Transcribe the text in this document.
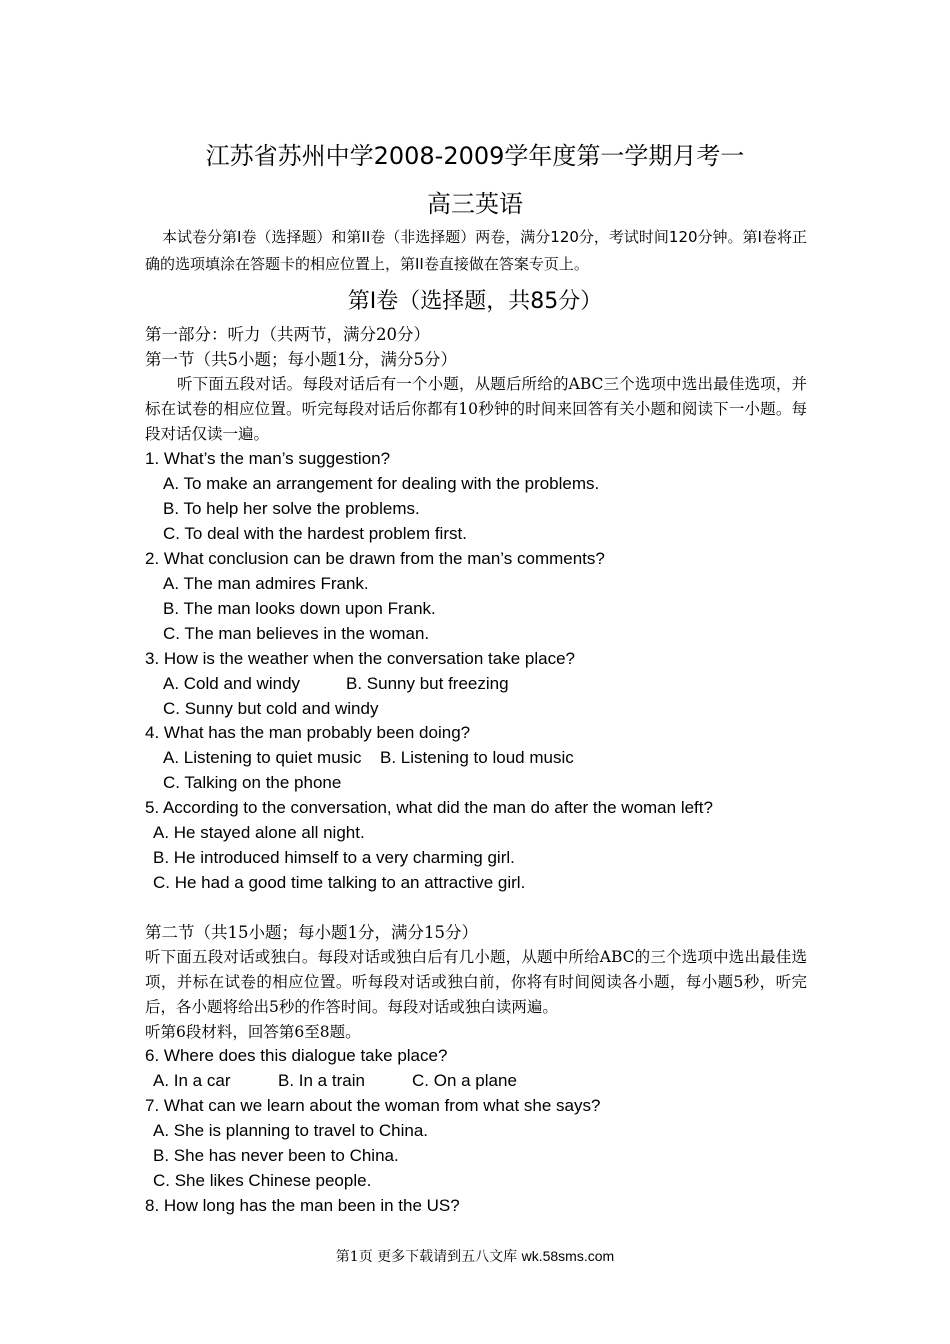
江苏省苏州中学2008-2009学年度第一学期月考一
高三英语
本试卷分第Ⅰ卷（选择题）和第II卷（非选择题）两卷，满分120分，考试时间120分钟。第Ⅰ卷将正确的选项填涂在答题卡的相应位置上，第II卷直接做在答案专页上。
第Ⅰ卷（选择题，共85分）
第一部分：听力（共两节，满分20分）
第一节（共5小题；每小题1分，满分5分）
听下面五段对话。每段对话后有一个小题，从题后所给的ABC三个选项中选出最佳选项，并标在试卷的相应位置。听完每段对话后你都有10秒钟的时间来回答有关小题和阅读下一小题。每段对话仅读一遍。
1. What’s the man’s suggestion?
A. To make an arrangement for dealing with the problems.
B. To help her solve the problems.
C. To deal with the hardest problem first.
2. What conclusion can be drawn from the man’s comments?
A. The man admires Frank.
B. The man looks down upon Frank.
C. The man believes in the woman.
3. How is the weather when the conversation take place?
A. Cold and windy	B. Sunny but freezing
C. Sunny but cold and windy
4. What has the man probably been doing?
A. Listening to quiet music B. Listening to loud music
C. Talking on the phone
5. According to the conversation, what did the man do after the woman left?
A. He stayed alone all night.
B. He introduced himself to a very charming girl.
C. He had a good time talking to an attractive girl.
第二节（共15小题；每小题1分，满分15分）
听下面五段对话或独白。每段对话或独白后有几小题，从题中所给ABC的三个选项中选出最佳选项，并标在试卷的相应位置。听每段对话或独白前，你将有时间阅读各小题，每小题5秒，听完后，各小题将给出5秒的作答时间。每段对话或独白读两遍。
听第6段材料，回答第6至8题。
6. Where does this dialogue take place?
A. In a car	B. In a train	C. On a plane
7. What can we learn about the woman from what she says?
A. She is planning to travel to China.
B. She has never been to China.
C. She likes Chinese people.
8. How long has the man been in the US?
第1页 更多下载请到五八文库 wk.58sms.com
